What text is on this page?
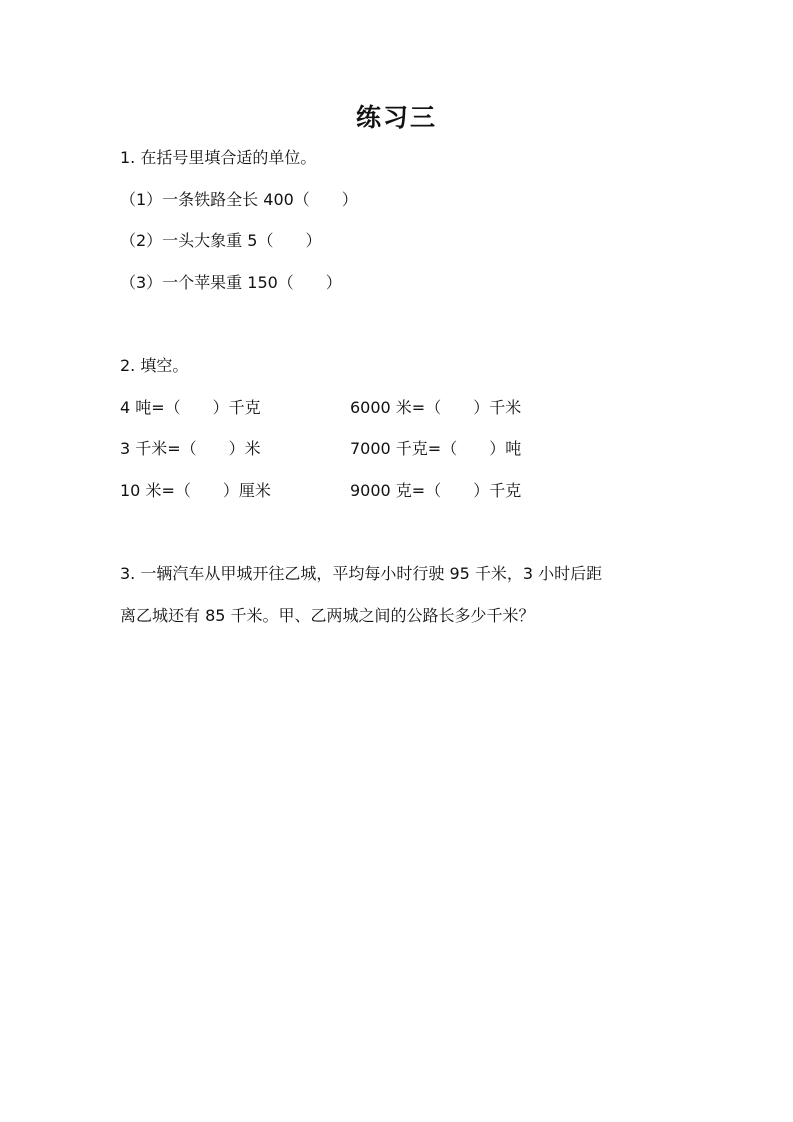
练习三
1. 在括号里填合适的单位。
（1）一条铁路全长 400（　　）
（2）一头大象重 5（　　）
（3）一个苹果重 150（　　）
2. 填空。
4 吨=（　　）千克	6000 米=（　　）千米
3 千米=（　　）米	7000 千克=（　　）吨
10 米=（　　）厘米	9000 克=（　　）千克
3. 一辆汽车从甲城开往乙城，平均每小时行驶 95 千米，3 小时后距
离乙城还有 85 千米。甲、乙两城之间的公路长多少千米？
